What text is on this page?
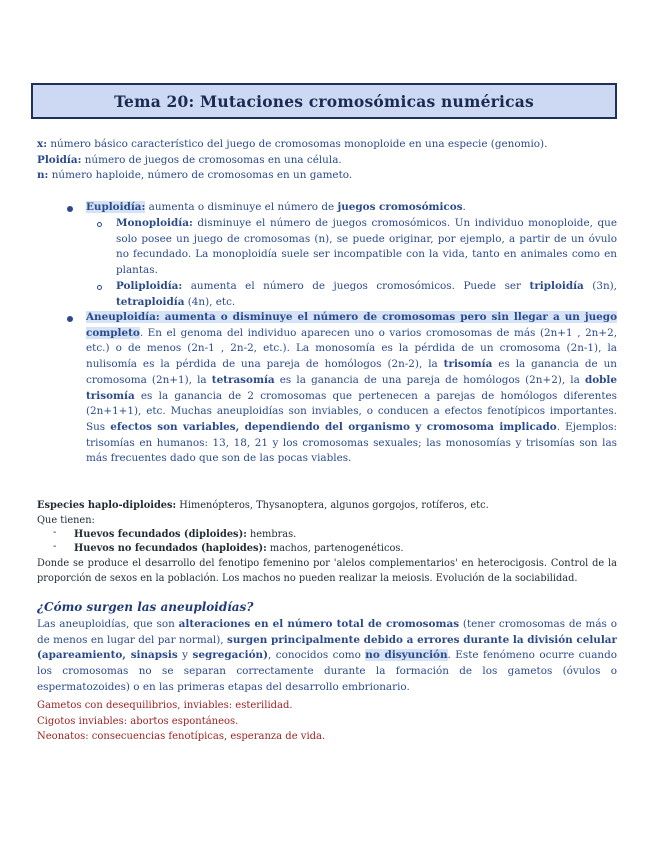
Tema 20: Mutaciones cromosómicas numéricas
x: número básico característico del juego de cromosomas monoploide en una especie (genomio).
Ploidía: número de juegos de cromosomas en una célula.
n: número haploide, número de cromosomas en un gameto.
Euploidía: aumenta o disminuye el número de juegos cromosómicos.
Monoploidía: disminuye el número de juegos cromosómicos. Un individuo monoploide, que solo posee un juego de cromosomas (n), se puede originar, por ejemplo, a partir de un óvulo no fecundado. La monoploidía suele ser incompatible con la vida, tanto en animales como en plantas.
Poliploidía: aumenta el número de juegos cromosómicos. Puede ser triploidía (3n), tetraploidía (4n), etc.
Aneuploidía: aumenta o disminuye el número de cromosomas pero sin llegar a un juego completo. En el genoma del individuo aparecen uno o varios cromosomas de más (2n+1 , 2n+2, etc.) o de menos (2n-1 , 2n-2, etc.). La monosomía es la pérdida de un cromosoma (2n-1), la nulisomía es la pérdida de una pareja de homólogos (2n-2), la trisomía es la ganancia de un cromosoma (2n+1), la tetrasomía es la ganancia de una pareja de homólogos (2n+2), la doble trisomía es la ganancia de 2 cromosomas que pertenecen a parejas de homólogos diferentes (2n+1+1), etc. Muchas aneuploidías son inviables, o conducen a efectos fenotípicos importantes. Sus efectos son variables, dependiendo del organismo y cromosoma implicado. Ejemplos: trisomías en humanos: 13, 18, 21 y los cromosomas sexuales; las monosomías y trisomías son las más frecuentes dado que son de las pocas viables.
Especies haplo-diploides: Himenópteros, Thysanoptera, algunos gorgojos, rotíferos, etc.
Que tienen:
- Huevos fecundados (diploides): hembras.
- Huevos no fecundados (haploides): machos, partenogenéticos.
Donde se produce el desarrollo del fenotipo femenino por 'alelos complementarios' en heterocigosis. Control de la proporción de sexos en la población. Los machos no pueden realizar la meiosis. Evolución de la sociabilidad.
¿Cómo surgen las aneuploidías?
Las aneuploidías, que son alteraciones en el número total de cromosomas (tener cromosomas de más o de menos en lugar del par normal), surgen principalmente debido a errores durante la división celular (apareamiento, sinapsis y segregación), conocidos como no disyunción. Este fenómeno ocurre cuando los cromosomas no se separan correctamente durante la formación de los gametos (óvulos o espermatozoides) o en las primeras etapas del desarrollo embrionario.
Gametos con desequilibrios, inviables: esterilidad.
Cigotos inviables: abortos espontáneos.
Neonatos: consecuencias fenotípicas, esperanza de vida.
